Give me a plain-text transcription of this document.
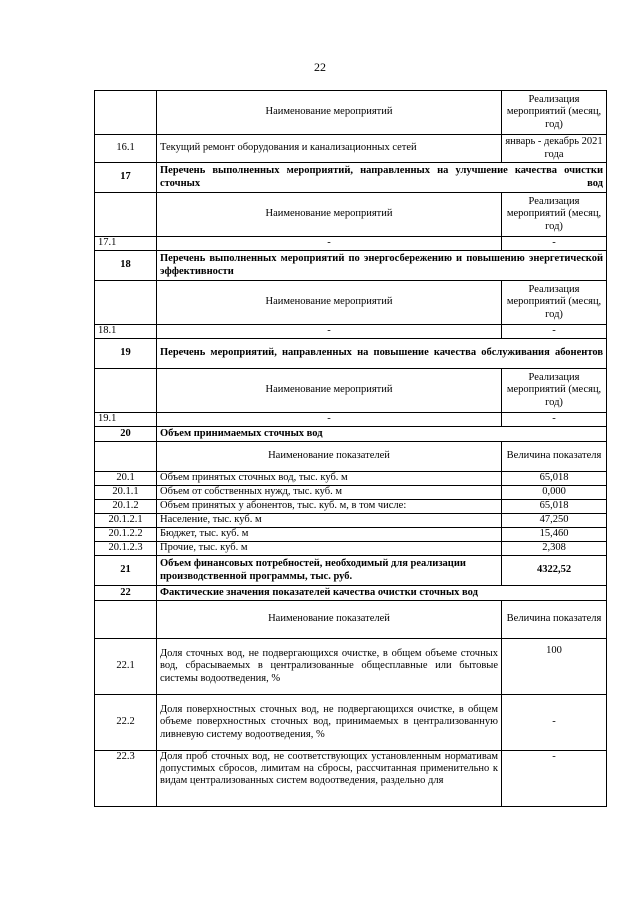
22
	Наименование мероприятий	Реализация мероприятий (месяц, год)
16.1	Текущий ремонт оборудования и канализационных сетей	январь - декабрь 2021 года
17	Перечень выполненных мероприятий, направленных на улучшение качества очистки сточных вод	
	Наименование мероприятий	Реализация мероприятий (месяц, год)
17.1	-	-
18	Перечень выполненных мероприятий по энергосбережению и повышению энергетической эффективности	
	Наименование мероприятий	Реализация мероприятий (месяц, год)
18.1	-	-
19	Перечень мероприятий, направленных на повышение качества обслуживания абонентов	
	Наименование мероприятий	Реализация мероприятий (месяц, год)
19.1	-	-
20	Объем принимаемых сточных вод	
	Наименование показателей	Величина показателя
20.1	Объем принятых сточных вод, тыс. куб. м	65,018
20.1.1	Объем от собственных нужд, тыс. куб. м	0,000
20.1.2	Объем принятых у абонентов, тыс. куб. м, в том числе:	65,018
20.1.2.1	Население, тыс. куб. м	47,250
20.1.2.2	Бюджет, тыс. куб. м	15,460
20.1.2.3	Прочие, тыс. куб. м	2,308
21	Объем финансовых потребностей, необходимый для реализации производственной программы, тыс. руб.	4322,52
22	Фактические значения показателей качества очистки сточных вод	
	Наименование показателей	Величина показателя
22.1	Доля сточных вод, не подвергающихся очистке, в общем объеме сточных вод, сбрасываемых в централизованные общесплавные или бытовые системы водоотведения, %	100
22.2	Доля поверхностных сточных вод, не подвергающихся очистке, в общем объеме поверхностных сточных вод, принимаемых в централизованную ливневую систему водоотведения, %	-
22.3	Доля проб сточных вод, не соответствующих установленным нормативам допустимых сбросов, лимитам на сбросы, рассчитанная применительно к видам централизованных систем водоотведения, раздельно для	-
